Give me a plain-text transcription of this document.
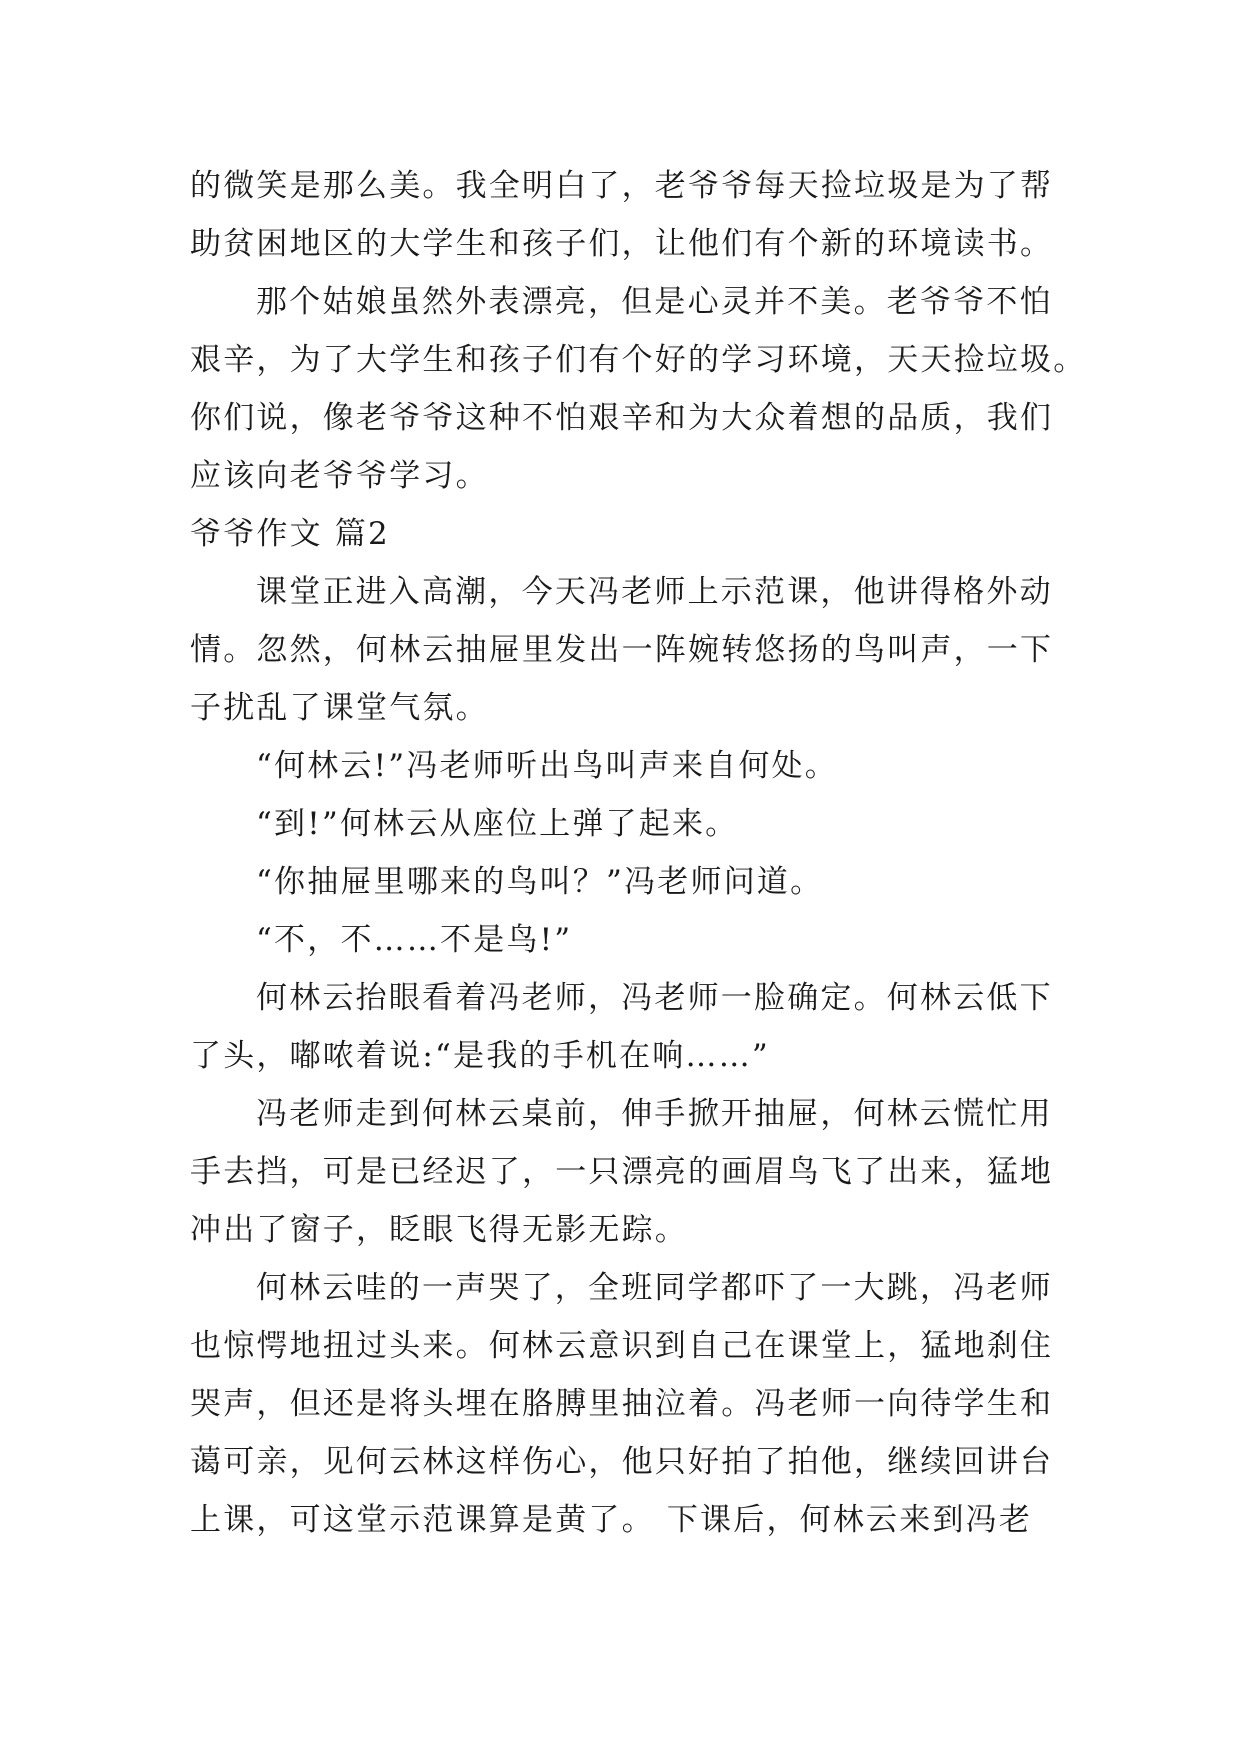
的微笑是那么美。我全明白了，老爷爷每天捡垃圾是为了帮
助贫困地区的大学生和孩子们，让他们有个新的环境读书。
那个姑娘虽然外表漂亮，但是心灵并不美。老爷爷不怕
艰辛，为了大学生和孩子们有个好的学习环境，天天捡垃圾。
你们说，像老爷爷这种不怕艰辛和为大众着想的品质，我们
应该向老爷爷学习。
爷爷作文 篇2
课堂正进入高潮，今天冯老师上示范课，他讲得格外动
情。忽然，何林云抽屉里发出一阵婉转悠扬的鸟叫声，一下
子扰乱了课堂气氛。
“何林云!”冯老师听出鸟叫声来自何处。
“到!”何林云从座位上弹了起来。
“你抽屉里哪来的鸟叫？”冯老师问道。
“不，不……不是鸟!”
何林云抬眼看着冯老师，冯老师一脸确定。何林云低下
了头，嘟哝着说:“是我的手机在响……”
冯老师走到何林云桌前，伸手掀开抽屉，何林云慌忙用
手去挡，可是已经迟了，一只漂亮的画眉鸟飞了出来，猛地
冲出了窗子，眨眼飞得无影无踪。
何林云哇的一声哭了，全班同学都吓了一大跳，冯老师
也惊愕地扭过头来。何林云意识到自己在课堂上，猛地刹住
哭声，但还是将头埋在胳膊里抽泣着。冯老师一向待学生和
蔼可亲，见何云林这样伤心，他只好拍了拍他，继续回讲台
上课，可这堂示范课算是黄了。 下课后，何林云来到冯老
